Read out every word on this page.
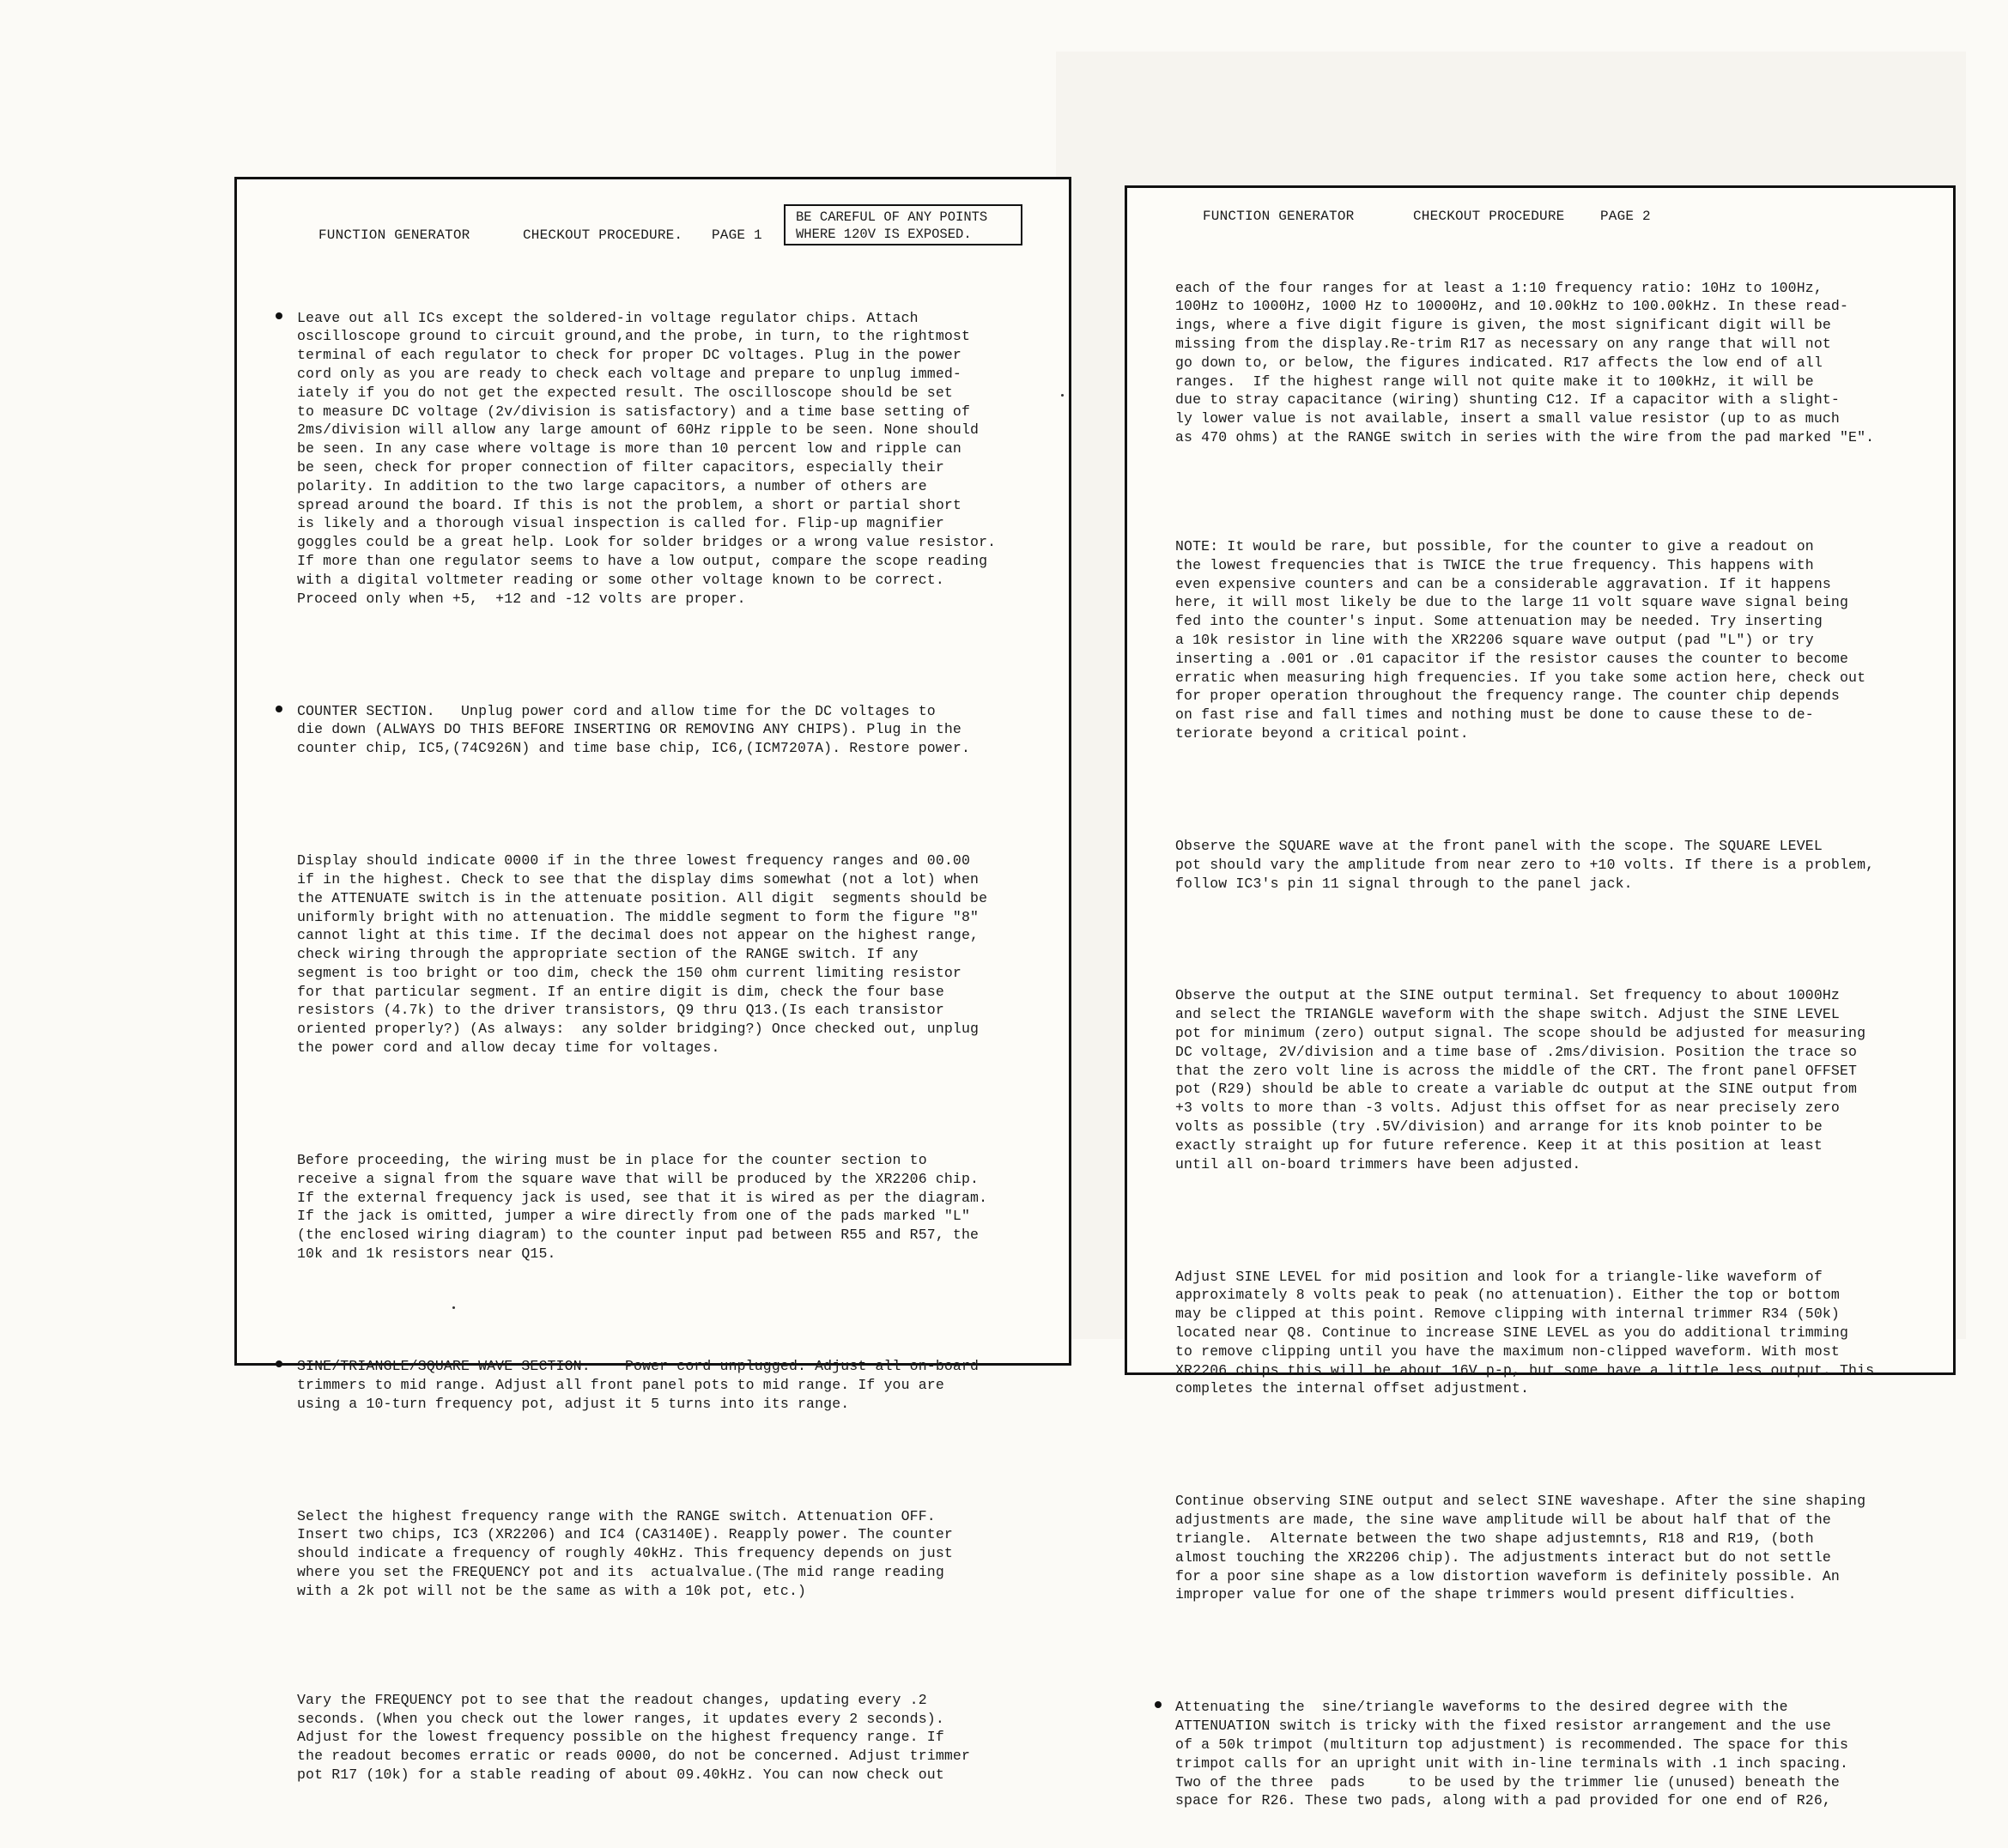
FUNCTION GENERATOR	CHECKOUT PROCEDURE. PAGE 1
BE CAREFUL OF ANY POINTS
WHERE 120V IS EXPOSED.

Leave out all ICs except the soldered-in voltage regulator chips. Attach
oscilloscope ground to circuit ground,and the probe, in turn, to the rightmost
terminal of each regulator to check for proper DC voltages. Plug in the power
cord only as you are ready to check each voltage and prepare to unplug immed-
iately if you do not get the expected result. The oscilloscope should be set
to measure DC voltage (2v/division is satisfactory) and a time base setting of
2ms/division will allow any large amount of 60Hz ripple to be seen. None should
be seen. In any case where voltage is more than 10 percent low and ripple can
be seen, check for proper connection of filter capacitors, especially their
polarity. In addition to the two large capacitors, a number of others are
spread around the board. If this is not the problem, a short or partial short
is likely and a thorough visual inspection is called for. Flip-up magnifier
goggles could be a great help. Look for solder bridges or a wrong value resistor.
If more than one regulator seems to have a low output, compare the scope reading
with a digital voltmeter reading or some other voltage known to be correct.
Proceed only when +5,  +12 and -12 volts are proper.

COUNTER SECTION.   Unplug power cord and allow time for the DC voltages to
die down (ALWAYS DO THIS BEFORE INSERTING OR REMOVING ANY CHIPS). Plug in the
counter chip, IC5,(74C926N) and time base chip, IC6,(ICM7207A). Restore power.

Display should indicate 0000 if in the three lowest frequency ranges and 00.00
if in the highest. Check to see that the display dims somewhat (not a lot) when
the ATTENUATE switch is in the attenuate position. All digit  segments should be
uniformly bright with no attenuation. The middle segment to form the figure "8"
cannot light at this time. If the decimal does not appear on the highest range,
check wiring through the appropriate section of the RANGE switch. If any
segment is too bright or too dim, check the 150 ohm current limiting resistor
for that particular segment. If an entire digit is dim, check the four base
resistors (4.7k) to the driver transistors, Q9 thru Q13.(Is each transistor
oriented properly?) (As always:  any solder bridging?) Once checked out, unplug
the power cord and allow decay time for voltages.

Before proceeding, the wiring must be in place for the counter section to
receive a signal from the square wave that will be produced by the XR2206 chip.
If the external frequency jack is used, see that it is wired as per the diagram.
If the jack is omitted, jumper a wire directly from one of the pads marked "L"
(the enclosed wiring diagram) to the counter input pad between R55 and R57, the
10k and 1k resistors near Q15.

SINE/TRIANGLE/SQUARE WAVE SECTION.    Power cord unplugged. Adjust all on-board
trimmers to mid range. Adjust all front panel pots to mid range. If you are
using a 10-turn frequency pot, adjust it 5 turns into its range.

Select the highest frequency range with the RANGE switch. Attenuation OFF.
Insert two chips, IC3 (XR2206) and IC4 (CA3140E). Reapply power. The counter
should indicate a frequency of roughly 40kHz. This frequency depends on just
where you set the FREQUENCY pot and its  actualvalue.(The mid range reading
with a 2k pot will not be the same as with a 10k pot, etc.)

Vary the FREQUENCY pot to see that the readout changes, updating every .2
seconds. (When you check out the lower ranges, it updates every 2 seconds).
Adjust for the lowest frequency possible on the highest frequency range. If
the readout becomes erratic or reads 0000, do not be concerned. Adjust trimmer
pot R17 (10k) for a stable reading of about 09.40kHz. You can now check out

FUNCTION GENERATOR	CHECKOUT PROCEDURE	PAGE 2

each of the four ranges for at least a 1:10 frequency ratio: 10Hz to 100Hz,
100Hz to 1000Hz, 1000 Hz to 10000Hz, and 10.00kHz to 100.00kHz. In these read-
ings, where a five digit figure is given, the most significant digit will be
missing from the display.Re-trim R17 as necessary on any range that will not
go down to, or below, the figures indicated. R17 affects the low end of all
ranges.  If the highest range will not quite make it to 100kHz, it will be
due to stray capacitance (wiring) shunting C12. If a capacitor with a slight-
ly lower value is not available, insert a small value resistor (up to as much
as 470 ohms) at the RANGE switch in series with the wire from the pad marked "E".

NOTE: It would be rare, but possible, for the counter to give a readout on
the lowest frequencies that is TWICE the true frequency. This happens with
even expensive counters and can be a considerable aggravation. If it happens
here, it will most likely be due to the large 11 volt square wave signal being
fed into the counter's input. Some attenuation may be needed. Try inserting
a 10k resistor in line with the XR2206 square wave output (pad "L") or try
inserting a .001 or .01 capacitor if the resistor causes the counter to become
erratic when measuring high frequencies. If you take some action here, check out
for proper operation throughout the frequency range. The counter chip depends
on fast rise and fall times and nothing must be done to cause these to de-
teriorate beyond a critical point.

Observe the SQUARE wave at the front panel with the scope. The SQUARE LEVEL
pot should vary the amplitude from near zero to +10 volts. If there is a problem,
follow IC3's pin 11 signal through to the panel jack.

Observe the output at the SINE output terminal. Set frequency to about 1000Hz
and select the TRIANGLE waveform with the shape switch. Adjust the SINE LEVEL
pot for minimum (zero) output signal. The scope should be adjusted for measuring
DC voltage, 2V/division and a time base of .2ms/division. Position the trace so
that the zero volt line is across the middle of the CRT. The front panel OFFSET
pot (R29) should be able to create a variable dc output at the SINE output from
+3 volts to more than -3 volts. Adjust this offset for as near precisely zero
volts as possible (try .5V/division) and arrange for its knob pointer to be
exactly straight up for future reference. Keep it at this position at least
until all on-board trimmers have been adjusted.

Adjust SINE LEVEL for mid position and look for a triangle-like waveform of
approximately 8 volts peak to peak (no attenuation). Either the top or bottom
may be clipped at this point. Remove clipping with internal trimmer R34 (50k)
located near Q8. Continue to increase SINE LEVEL as you do additional trimming
to remove clipping until you have the maximum non-clipped waveform. With most
XR2206 chips this will be about 16V p-p, but some have a little less output. This
completes the internal offset adjustment.

Continue observing SINE output and select SINE waveshape. After the sine shaping
adjustments are made, the sine wave amplitude will be about half that of the
triangle.  Alternate between the two shape adjustemnts, R18 and R19, (both
almost touching the XR2206 chip). The adjustments interact but do not settle
for a poor sine shape as a low distortion waveform is definitely possible. An
improper value for one of the shape trimmers would present difficulties.

Attenuating the  sine/triangle waveforms to the desired degree with the
ATTENUATION switch is tricky with the fixed resistor arrangement and the use
of a 50k trimpot (multiturn top adjustment) is recommended. The space for this
trimpot calls for an upright unit with in-line terminals with .1 inch spacing.
Two of the three  pads     to be used by the trimmer lie (unused) beneath the
space for R26. These two pads, along with a pad provided for one end of R26,
